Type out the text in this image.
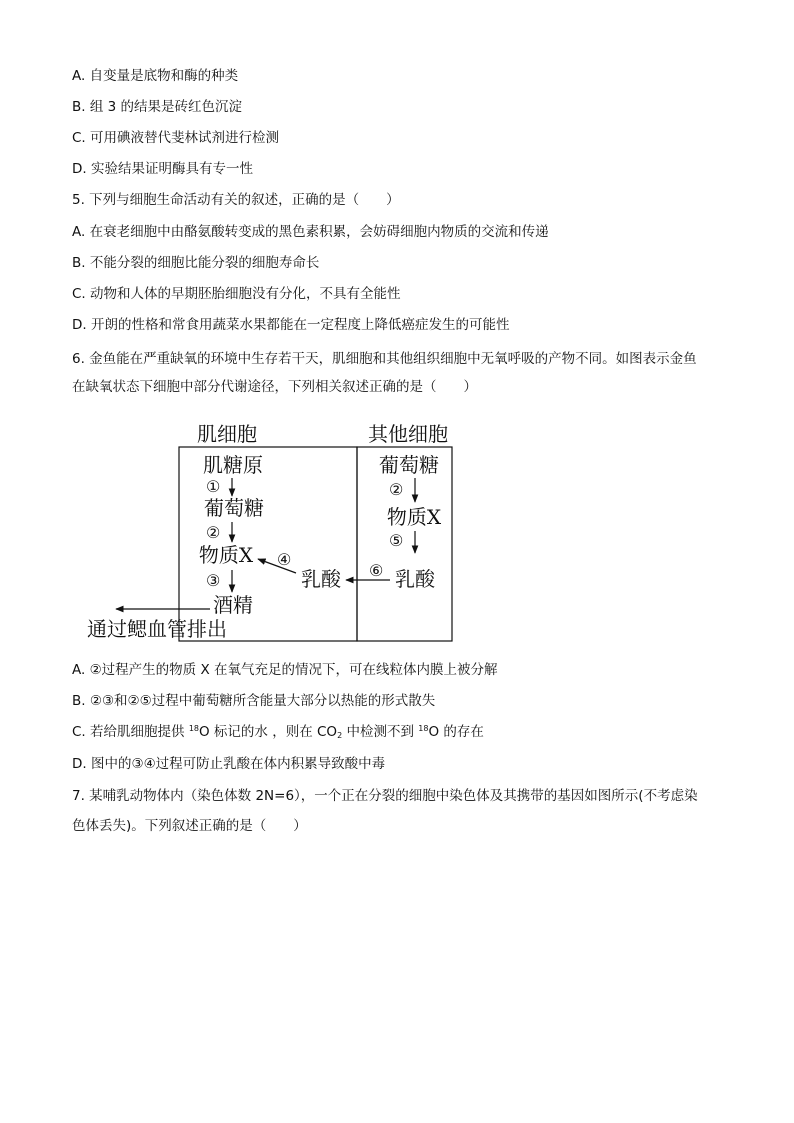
A. 自变量是底物和酶的种类
B. 组 3 的结果是砖红色沉淀
C. 可用碘液替代斐林试剂进行检测
D. 实验结果证明酶具有专一性
5. 下列与细胞生命活动有关的叙述，正确的是（　　）
A. 在衰老细胞中由酪氨酸转变成的黑色素积累，会妨碍细胞内物质的交流和传递
B. 不能分裂的细胞比能分裂的细胞寿命长
C. 动物和人体的早期胚胎细胞没有分化，不具有全能性
D. 开朗的性格和常食用蔬菜水果都能在一定程度上降低癌症发生的可能性
6. 金鱼能在严重缺氧的环境中生存若干天，肌细胞和其他组织细胞中无氧呼吸的产物不同。如图表示金鱼
在缺氧状态下细胞中部分代谢途径，下列相关叙述正确的是（　　）
肌细胞	其他细胞
肌糖原
①
葡萄糖
②
物质X ④
乳酸
③
酒精
通过鳃血管排出
葡萄糖
②
物质X
⑤
⑥ 乳酸
A. ②过程产生的物质 X 在氧气充足的情况下，可在线粒体内膜上被分解
B. ②③和②⑤过程中葡萄糖所含能量大部分以热能的形式散失
C. 若给肌细胞提供 $^{18}$O 标记的水 ，则在 $CO_2$ 中检测不到 $^{18}$O 的存在
D. 图中的③④过程可防止乳酸在体内积累导致酸中毒
7. 某哺乳动物体内（染色体数 2N=6），一个正在分裂的细胞中染色体及其携带的基因如图所示(不考虑染
色体丢失)。下列叙述正确的是（　　）
